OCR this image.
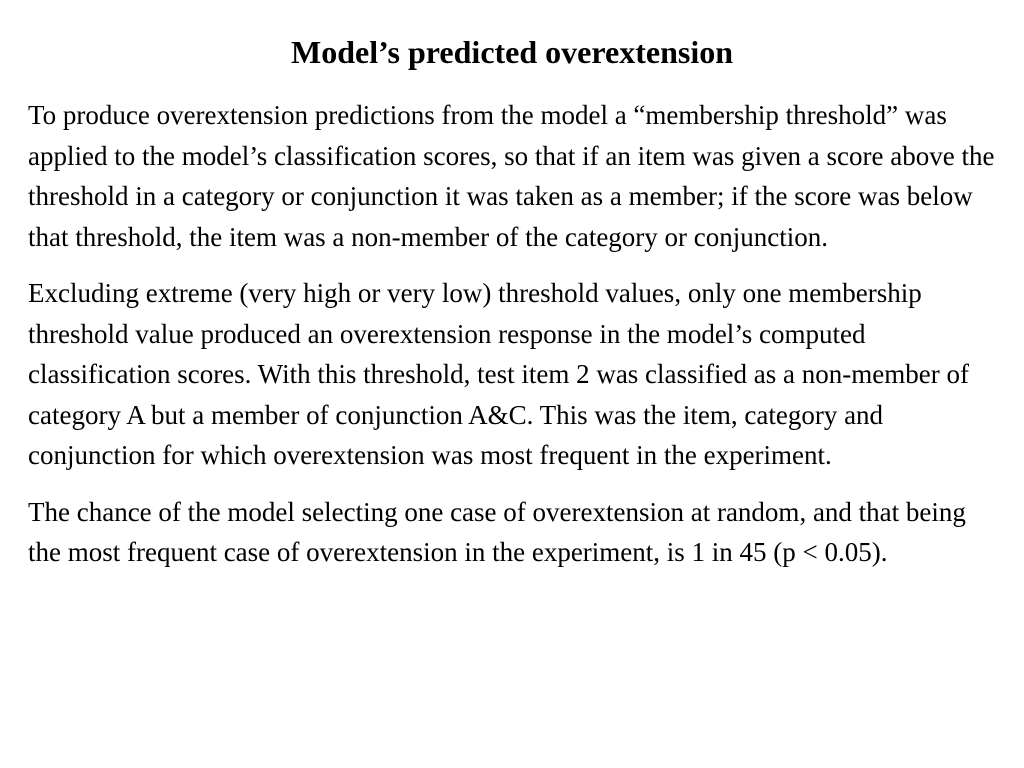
Model’s predicted overextension

To produce overextension predictions from the model a “membership threshold” was applied to the model’s classification scores, so that if an item was given a score above the threshold in a category or conjunction it was taken as a member; if the score was below that threshold, the item was a non-member of the category or conjunction.

Excluding extreme (very high or very low) threshold values, only one membership threshold value produced an overextension response in the model’s computed classification scores. With this threshold, test item 2 was classified as a non-member of category A but a member of conjunction A&C. This was the item, category and conjunction for which overextension was most frequent in the experiment.

The chance of the model selecting one case of overextension at random, and that being the most frequent case of overextension in the experiment, is 1 in 45 (p < 0.05).
